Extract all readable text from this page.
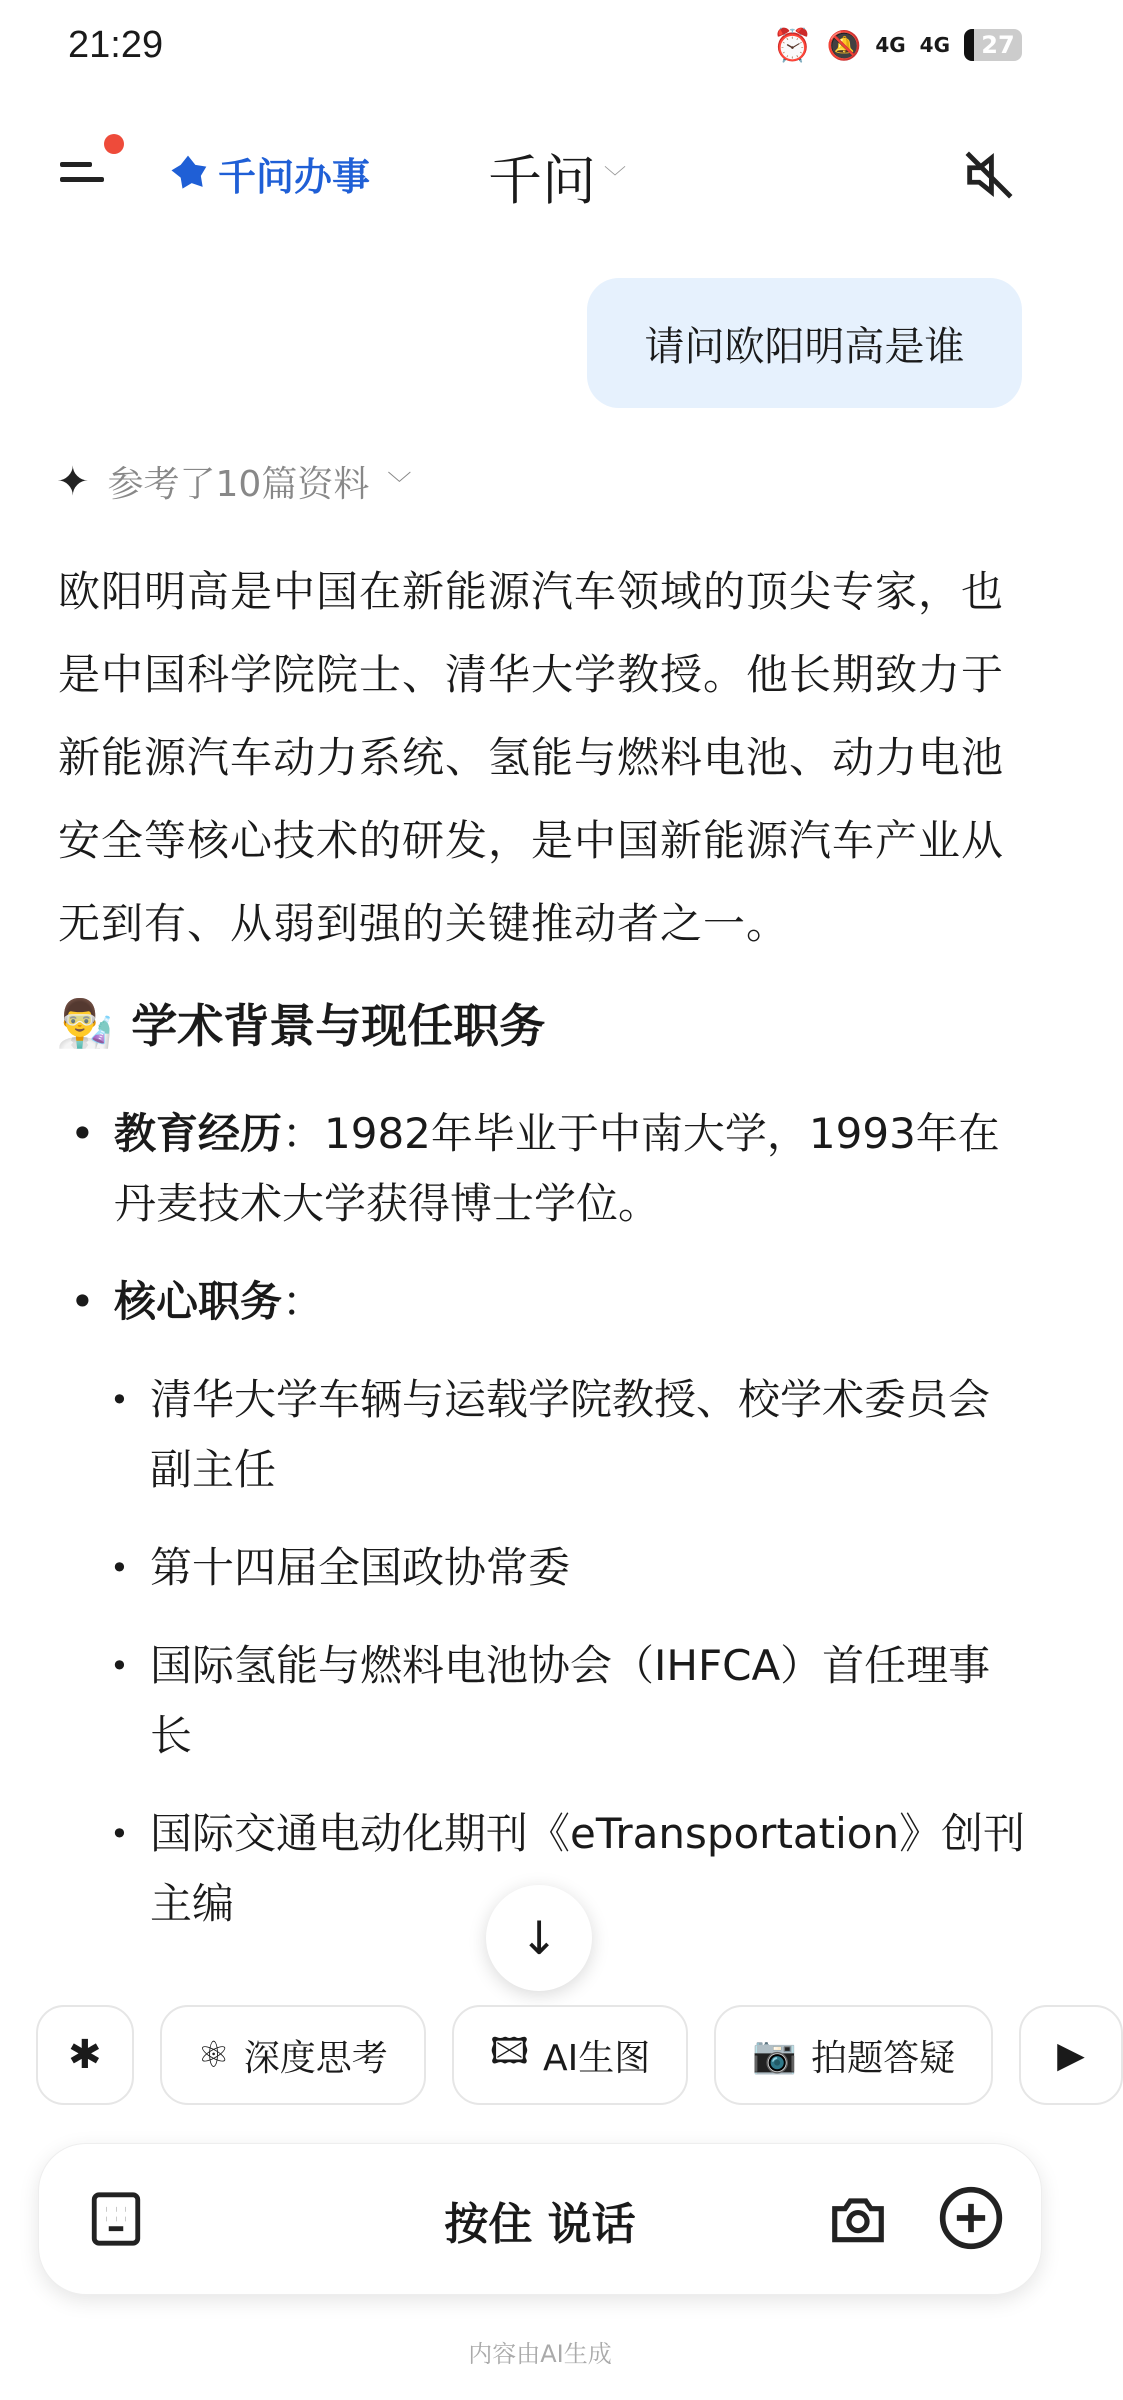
21:29	⏰ 🔕 4G 4G	27
千问办事 千问 ﹀
请问欧阳明高是谁
✦ 参考了10篇资料 ﹀
欧阳明高是中国在新能源汽车领域的顶尖专家，也是中国科学院院士、清华大学教授。他长期致力于新能源汽车动力系统、氢能与燃料电池、动力电池安全等核心技术的研发，是中国新能源汽车产业从无到有、从弱到强的关键推动者之一。
👨‍🔬 学术背景与现任职务
• 教育经历：1982年毕业于中南大学，1993年在丹麦技术大学获得博士学位。
• 核心职务：
• 清华大学车辆与运载学院教授、校学术委员会副主任
• 第十四届全国政协常委
• 国际氢能与燃料电池协会（IHFCA）首任理事长
• 国际交通电动化期刊《eTransportation》创刊主编
↓
✱	⚛ 深度思考	🖾 AI生图	📷 拍题答疑	▶
按住 说话
内容由AI生成
